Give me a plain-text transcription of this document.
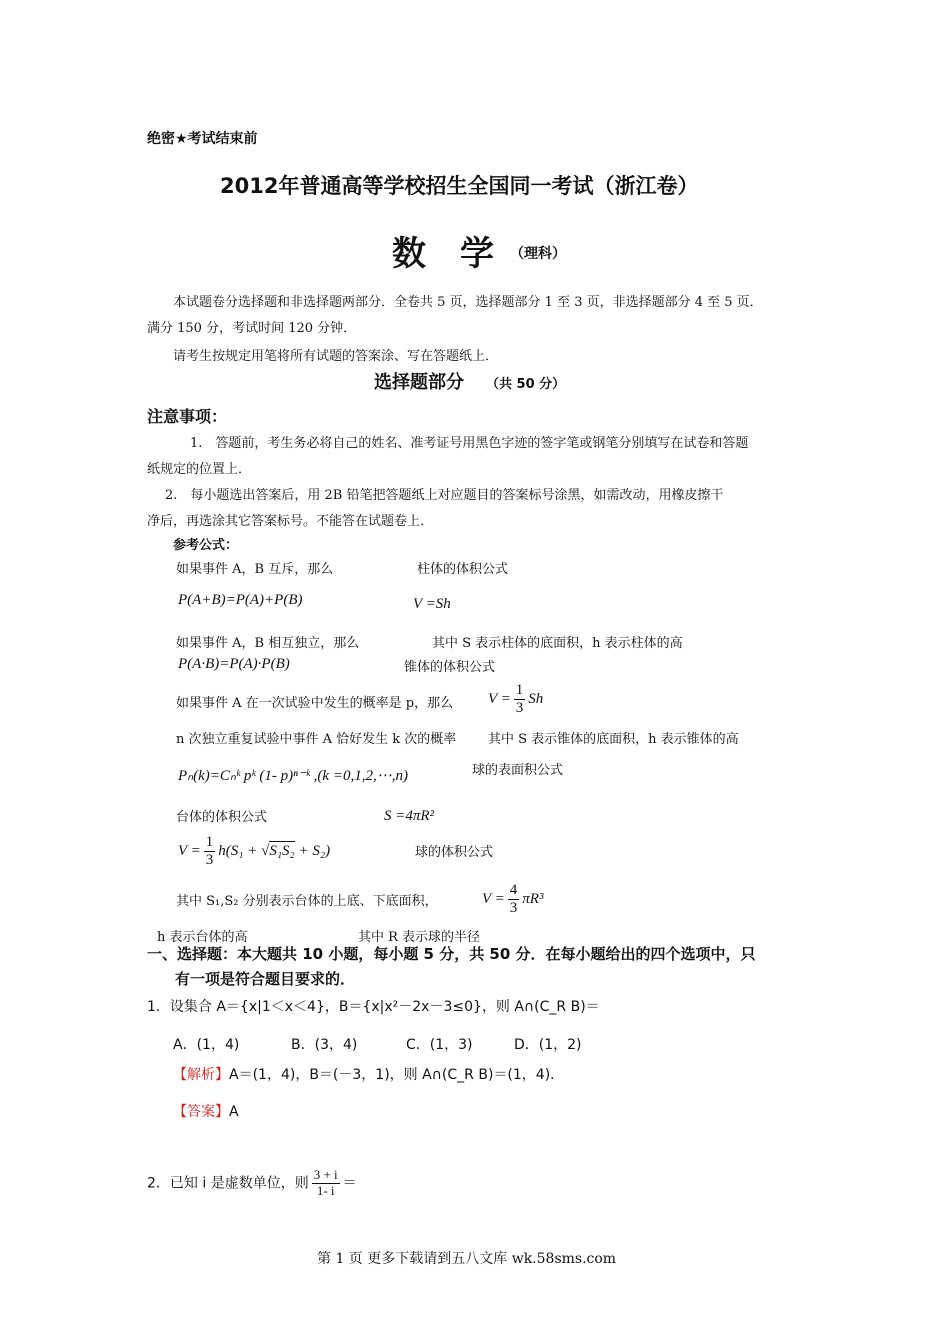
绝密★考试结束前
2012年普通高等学校招生全国同一考试（浙江卷）
数　学 （理科）
本试题卷分选择题和非选择题两部分．全卷共 5 页，选择题部分 1 至 3 页，非选择题部分 4 至 5 页．
满分 150 分，考试时间 120 分钟．
请考生按规定用笔将所有试题的答案涂、写在答题纸上．
选择题部分 （共 50 分）
注意事项：
1.　答题前，考生务必将自己的姓名、准考证号用黑色字迹的签字笔或钢笔分别填写在试卷和答题
纸规定的位置上．
2.　每小题选出答案后，用 2B 铅笔把答题纸上对应题目的答案标号涂黑，如需改动，用橡皮擦干
净后，再选涂其它答案标号。不能答在试题卷上．
参考公式：
如果事件 A，B 互斥，那么	柱体的体积公式
P(A+B)=P(A)+P(B)	V =Sh
如果事件 A，B 相互独立，那么	其中 S 表示柱体的底面积，h 表示柱体的高
P(A·B)=P(A)·P(B)	锥体的体积公式
如果事件 A 在一次试验中发生的概率是 p，那么 $V = \frac{1}{3}$ Sh
n 次独立重复试验中事件 A 恰好发生 k 次的概率 其中 S 表示锥体的底面积，h 表示锥体的高
Pₙ(k)=Cₙᵏ pᵏ (1- p)ⁿ⁻ᵏ ,(k =0,1,2,⋯,n)	球的表面积公式
台体的体积公式	S =4πR²
$V = \frac{1}{3} h(S_1 + √S_1S_2 + S_2)$	球的体积公式
其中 S₁,S₂ 分别表示台体的上底、下底面积，	$V = \frac{4}{3} \pi R^3$
h 表示台体的高	其中 R 表示球的半径
一、选择题：本大题共 10 小题，每小题 5 分，共 50 分．在每小题给出的四个选项中，只
有一项是符合题目要求的．
1．设集合 A＝{x|1＜x＜4}，B＝{x|x²－2x－3≤0}，则 A∩(C_R B)＝
A．(1，4)	B．(3，4)	C．(1，3)	D．(1，2)
【解析】A＝(1，4)，B＝(－3，1)，则 A∩(C_R B)＝(1，4)．
【答案】A
2．已知 i 是虚数单位，则 $\frac{3 + i}{1- i}$ ＝
第 1 页 更多下载请到五八文库 wk.58sms.com
